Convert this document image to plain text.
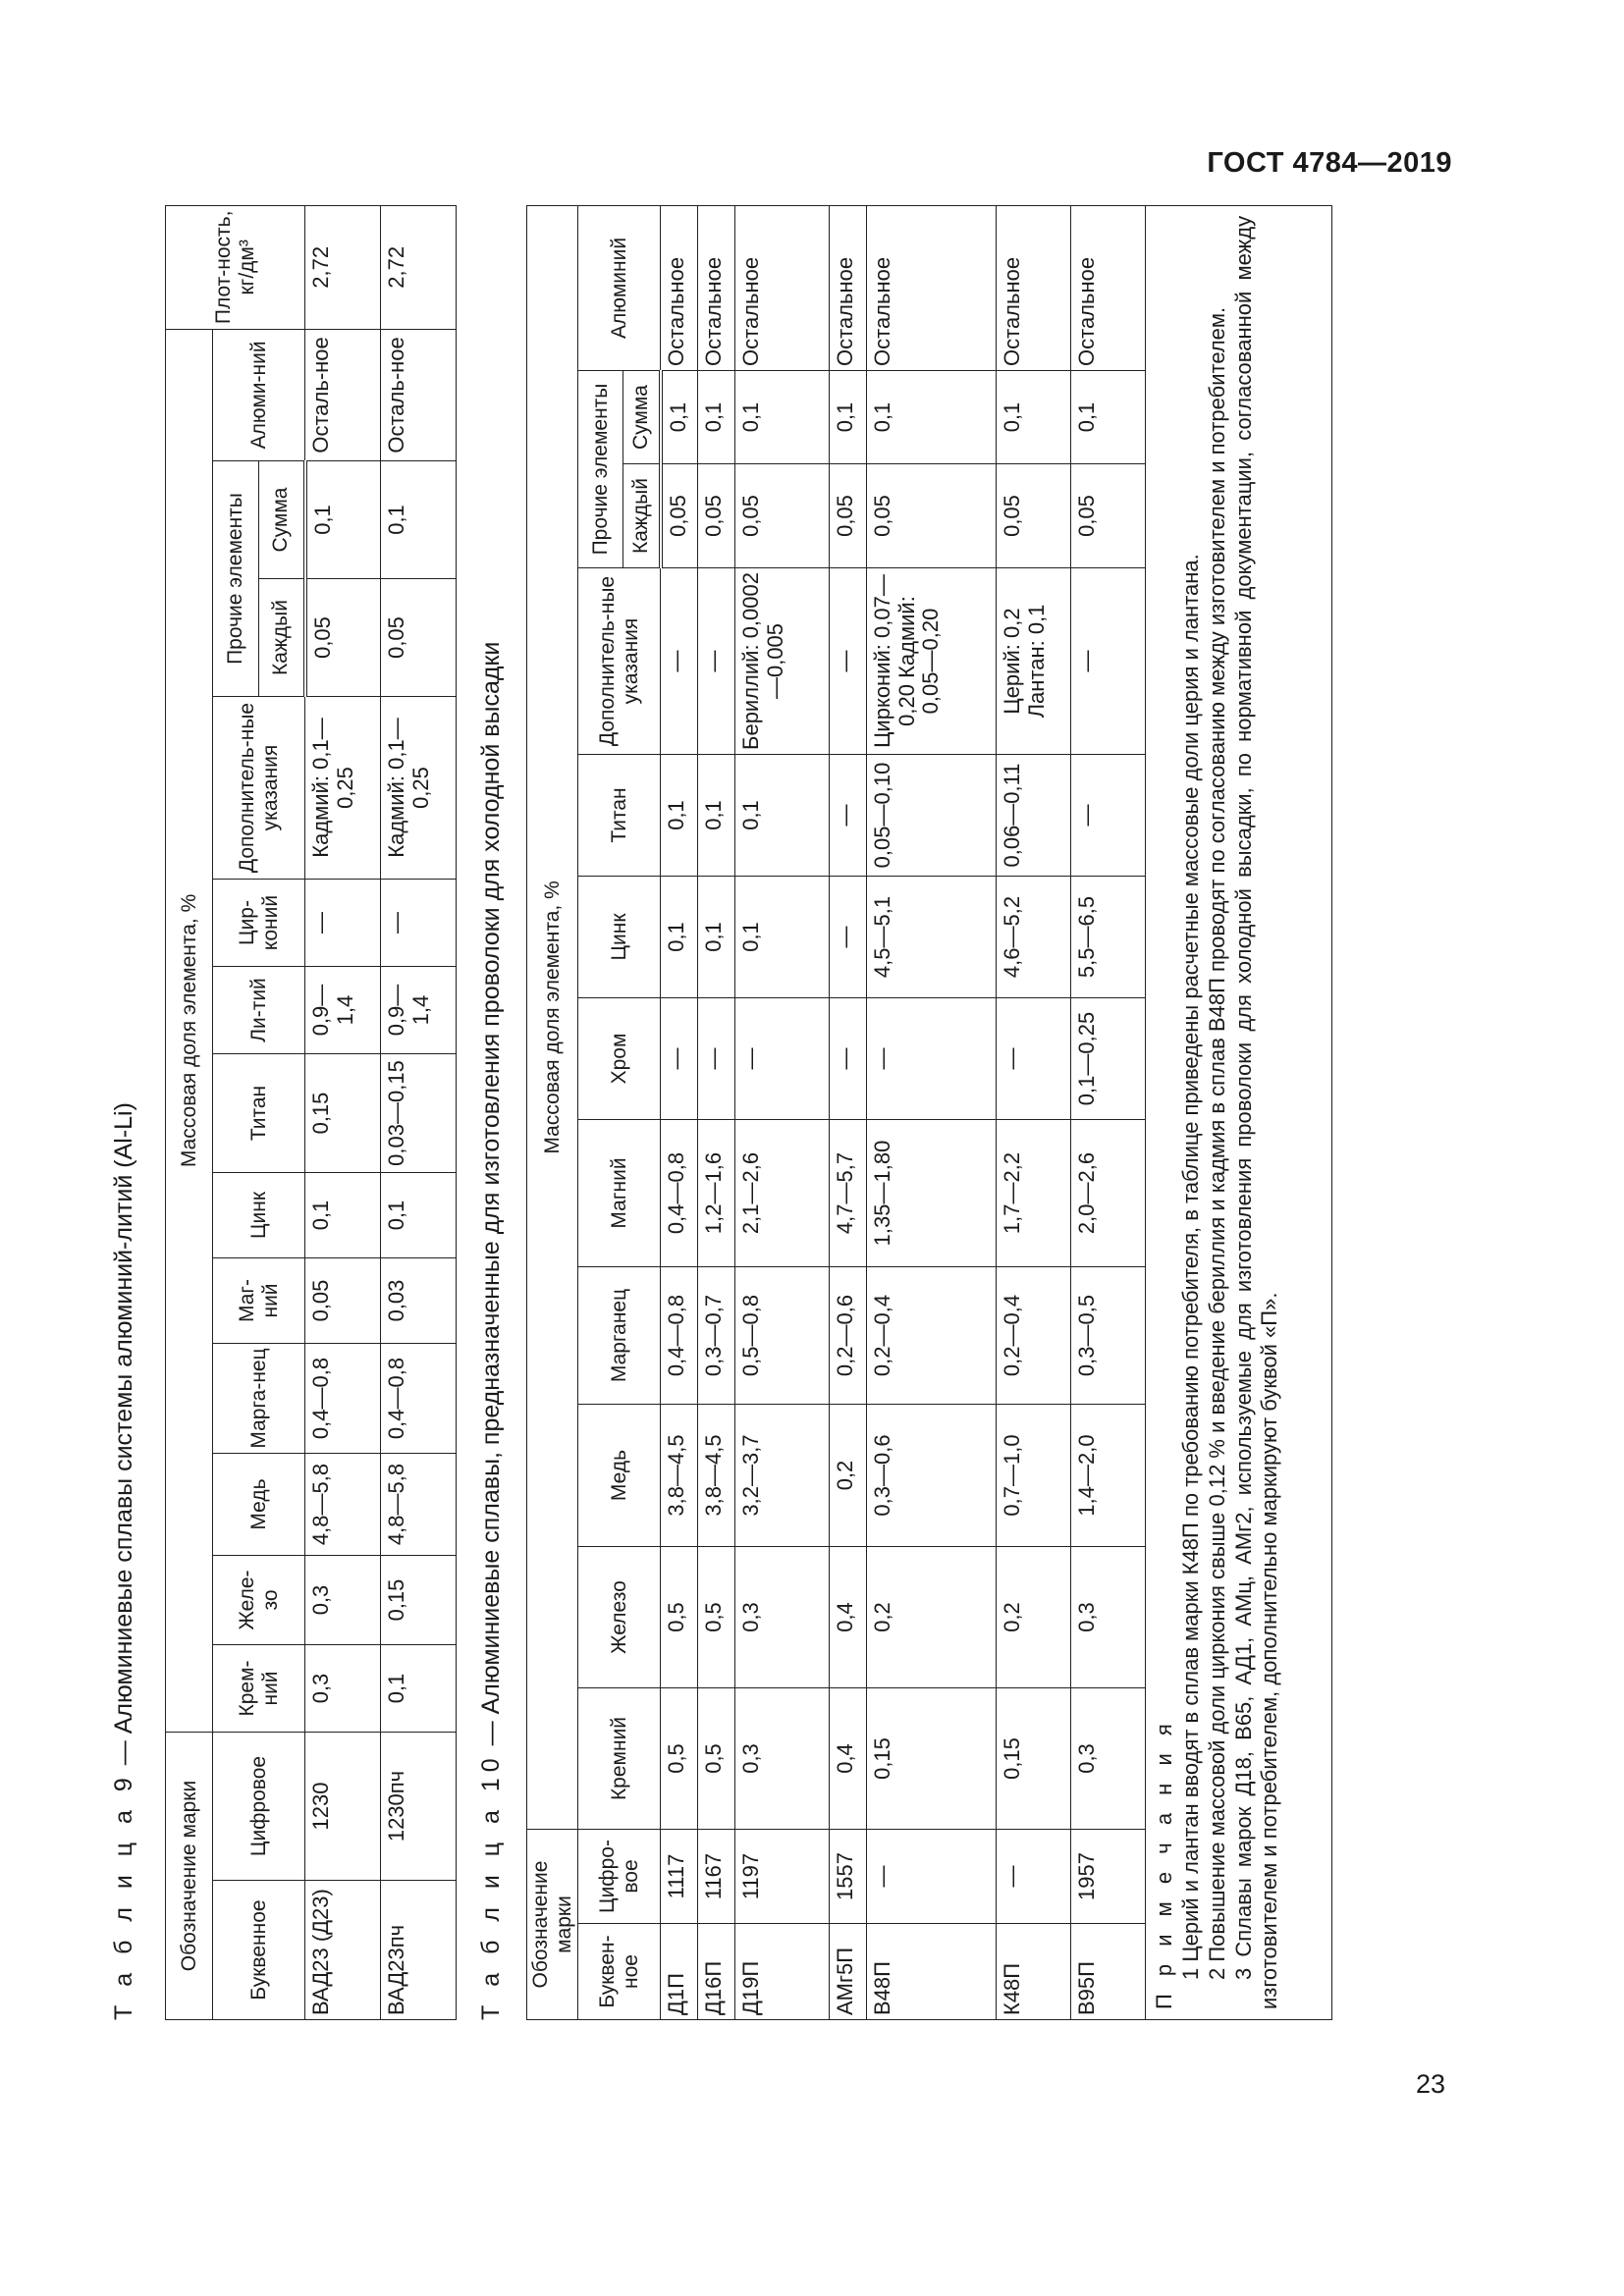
ГОСТ 4784—2019
Т а б л и ц а 9 — Алюминиевые сплавы системы алюминий-литий (Al-Li)
Обозначение марки		Массовая доля элемента, %													Плот-ность, кг/дм³
Буквенное	Цифровое	Крем-ний	Желе-зо	Медь	Марга-нец	Маг-ний	Цинк	Титан	Ли-тий	Цир-коний	Дополнитель-ные указания	Прочие элементы		Алюми-ний	
												Каждый	Сумма		
ВАД23 (Д23)	1230	0,3	0,3	4,8—5,8	0,4—0,8	0,05	0,1	0,15	0,9—1,4	—	Кадмий: 0,1—0,25	0,05	0,1	Осталь-ное	2,72
ВАД23пч	1230пч	0,1	0,15	4,8—5,8	0,4—0,8	0,03	0,1	0,03—0,15	0,9—1,4	—	Кадмий: 0,1—0,25	0,05	0,1	Осталь-ное	2,72
Т а б л и ц а 10 — Алюминиевые сплавы, предназначенные для изготовления проволоки для холодной высадки
Обозначение марки		Массовая доля элемента, %											
Буквен-ное	Цифро-вое	Кремний	Железо	Медь	Марганец	Магний	Хром	Цинк	Титан	Дополнитель-ные указания	Прочие элементы		Алюминий
											Каждый	Сумма	
Д1П	1117	0,5	0,5	3,8—4,5	0,4—0,8	0,4—0,8	—	0,1	0,1	—	0,05	0,1	Остальное
Д16П	1167	0,5	0,5	3,8—4,5	0,3—0,7	1,2—1,6	—	0,1	0,1	—	0,05	0,1	Остальное
Д19П	1197	0,3	0,3	3,2—3,7	0,5—0,8	2,1—2,6	—	0,1	0,1	Бериллий: 0,0002—0,005	0,05	0,1	Остальное
АМг5П	1557	0,4	0,4	0,2	0,2—0,6	4,7—5,7	—	—	—	—	0,05	0,1	Остальное
В48П	—	0,15	0,2	0,3—0,6	0,2—0,4	1,35—1,80	—	4,5—5,1	0,05—0,10	Цирконий: 0,07—0,20 Кадмий: 0,05—0,20	0,05	0,1	Остальное
К48П	—	0,15	0,2	0,7—1,0	0,2—0,4	1,7—2,2	—	4,6—5,2	0,06—0,11	Церий: 0,2 Лантан: 0,1	0,05	0,1	Остальное
В95П	1957	0,3	0,3	1,4—2,0	0,3—0,5	2,0—2,6	0,1—0,25	5,5—6,5	—	—	0,05	0,1	Остальное

П р и м е ч а н и я 1 Церий и лантан вводят в сплав марки К48П по требованию потребителя, в таблице приведены расчетные массовые доли церия и лантана. 2 Повышение массовой доли циркония свыше 0,12 % и введение бериллия и кадмия в сплав В48П проводят по согласованию между изготовителем и потребителем. 3 Сплавы марок Д18, В65, АД1, АМц, АМг2, используемые для изготовления проволоки для холодной высадки, по нормативной документации, согласованной между изготовителем и потребителем, дополнительно маркируют буквой «П».													
23
